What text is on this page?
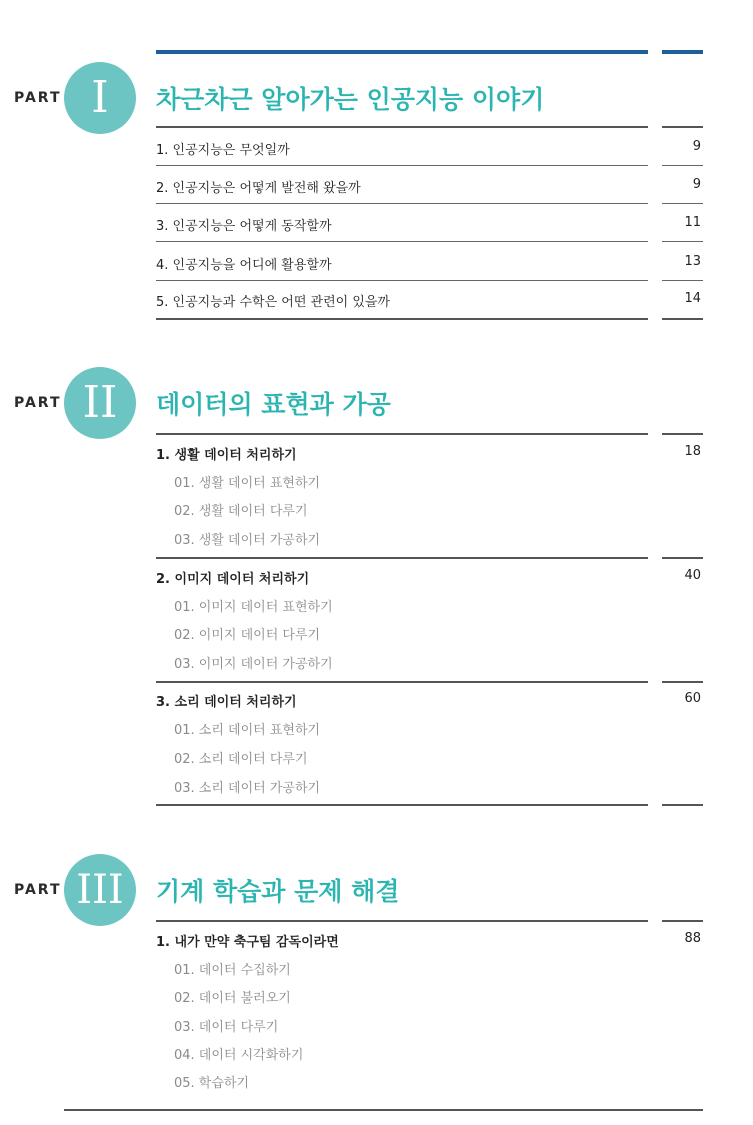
PART I 차근차근 알아가는 인공지능 이야기
1. 인공지능은 무엇일까	9
2. 인공지능은 어떻게 발전해 왔을까	9
3. 인공지능은 어떻게 동작할까	11
4. 인공지능을 어디에 활용할까	13
5. 인공지능과 수학은 어떤 관련이 있을까	14
PART II 데이터의 표현과 가공
1. 생활 데이터 처리하기	18
01. 생활 데이터 표현하기
02. 생활 데이터 다루기
03. 생활 데이터 가공하기
2. 이미지 데이터 처리하기	40
01. 이미지 데이터 표현하기
02. 이미지 데이터 다루기
03. 이미지 데이터 가공하기
3. 소리 데이터 처리하기	60
01. 소리 데이터 표현하기
02. 소리 데이터 다루기
03. 소리 데이터 가공하기
PART III 기계 학습과 문제 해결
1. 내가 만약 축구팀 감독이라면	88
01. 데이터 수집하기
02. 데이터 불러오기
03. 데이터 다루기
04. 데이터 시각화하기
05. 학습하기
